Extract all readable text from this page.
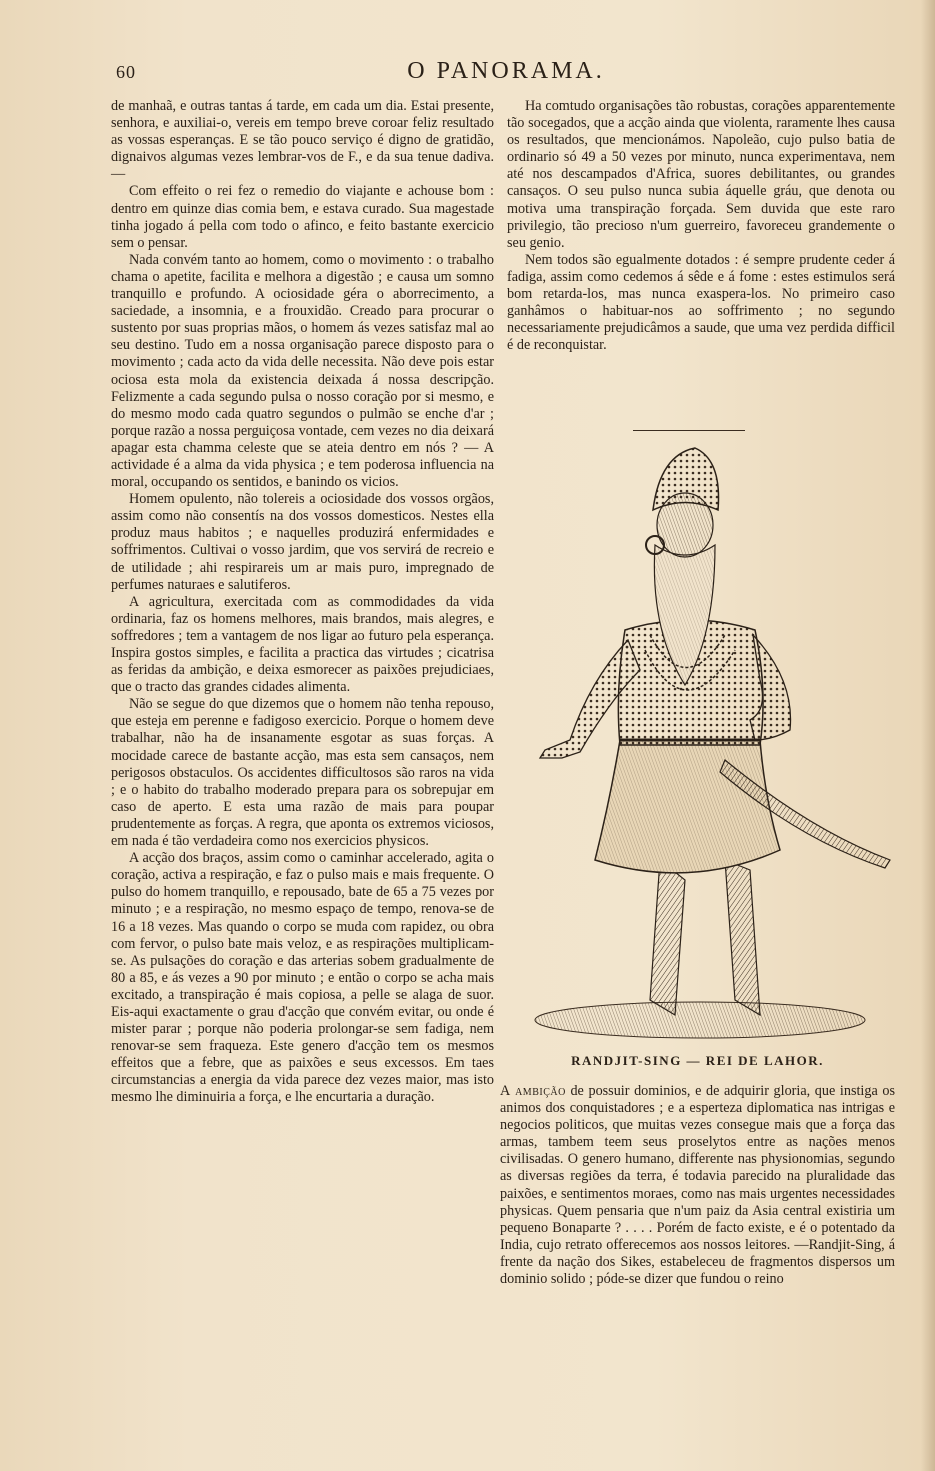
60	O PANORAMA.

de manhaã, e outras tantas á tarde, em cada um dia. Estai presente, senhora, e auxiliai-o, vereis em tempo breve coroar feliz resultado as vossas esperanças. E se tão pouco serviço é digno de gratidão, dignaivos algumas vezes lembrar-vos de F., e da sua tenue dadiva. —

Com effeito o rei fez o remedio do viajante e achouse bom : dentro em quinze dias comia bem, e estava curado. Sua magestade tinha jogado á pella com todo o afinco, e feito bastante exercicio sem o pensar.

Nada convém tanto ao homem, como o movimento : o trabalho chama o apetite, facilita e melhora a digestão ; e causa um somno tranquillo e profundo. A ociosidade géra o aborrecimento, a saciedade, a insomnia, e a frouxidão. Creado para procurar o sustento por suas proprias mãos, o homem ás vezes satisfaz mal ao seu destino. Tudo em a nossa organisação parece disposto para o movimento ; cada acto da vida delle necessita. Não deve pois estar ociosa esta mola da existencia deixada á nossa descripção. Felizmente a cada segundo pulsa o nosso coração por si mesmo, e do mesmo modo cada quatro segundos o pulmão se enche d'ar ; porque razão a nossa perguiçosa vontade, cem vezes no dia deixará apagar esta chamma celeste que se ateia dentro em nós ? — A actividade é a alma da vida physica ; e tem poderosa influencia na moral, occupando os sentidos, e banindo os vicios.

Homem opulento, não tolereis a ociosidade dos vossos orgãos, assim como não consentís na dos vossos domesticos. Nestes ella produz maus habitos ; e naquelles produzirá enfermidades e soffrimentos. Cultivai o vosso jardim, que vos servirá de recreio e de utilidade ; ahi respirareis um ar mais puro, impregnado de perfumes naturaes e salutiferos.

A agricultura, exercitada com as commodidades da vida ordinaria, faz os homens melhores, mais brandos, mais alegres, e soffredores ; tem a vantagem de nos ligar ao futuro pela esperança. Inspira gostos simples, e facilita a practica das virtudes ; cicatrisa as feridas da ambição, e deixa esmorecer as paixões prejudiciaes, que o tracto das grandes cidades alimenta.

Não se segue do que dizemos que o homem não tenha repouso, que esteja em perenne e fadigoso exercicio. Porque o homem deve trabalhar, não ha de insanamente esgotar as suas forças. A mocidade carece de bastante acção, mas esta sem cansaços, nem perigosos obstaculos. Os accidentes difficultosos são raros na vida ; e o habito do trabalho moderado prepara para os sobrepujar em caso de aperto. E esta uma razão de mais para poupar prudentemente as forças. A regra, que aponta os extremos viciosos, em nada é tão verdadeira como nos exercicios physicos.

A acção dos braços, assim como o caminhar accelerado, agita o coração, activa a respiração, e faz o pulso mais e mais frequente. O pulso do homem tranquillo, e repousado, bate de 65 a 75 vezes por minuto ; e a respiração, no mesmo espaço de tempo, renova-se de 16 a 18 vezes. Mas quando o corpo se muda com rapidez, ou obra com fervor, o pulso bate mais veloz, e as respirações multiplicam-se. As pulsações do coração e das arterias sobem gradualmente de 80 a 85, e ás vezes a 90 por minuto ; e então o corpo se acha mais excitado, a transpiração é mais copiosa, a pelle se alaga de suor. Eis-aqui exactamente o grau d'acção que convém evitar, ou onde é mister parar ; porque não poderia prolongar-se sem fadiga, nem renovar-se sem fraqueza. Este genero d'acção tem os mesmos effeitos que a febre, que as paixões e seus excessos. Em taes circumstancias a energia da vida parece dez vezes maior, mas isto mesmo lhe diminuiria a força, e lhe encurtaria a duração.

Ha comtudo organisações tão robustas, corações apparentemente tão socegados, que a acção ainda que violenta, raramente lhes causa os resultados, que mencionámos. Napoleão, cujo pulso batia de ordinario só 49 a 50 vezes por minuto, nunca experimentava, nem até nos descampados d'Africa, suores debilitantes, ou grandes cansaços. O seu pulso nunca subia áquelle gráu, que denota ou motiva uma transpiração forçada. Sem duvida que este raro privilegio, tão precioso n'um guerreiro, favoreceu grandemente o seu genio.

Nem todos são egualmente dotados : é sempre prudente ceder á fadiga, assim como cedemos á sêde e á fome : estes estimulos será bom retarda-los, mas nunca exaspera-los. No primeiro caso ganhâmos o habituar-nos ao soffrimento ; no segundo necessariamente prejudicâmos a saude, que uma vez perdida difficil é de reconquistar.

RANDJIT-SING — REI DE LAHOR.

A ambição de possuir dominios, e de adquirir gloria, que instiga os animos dos conquistadores ; e a esperteza diplomatica nas intrigas e negocios politicos, que muitas vezes consegue mais que a força das armas, tambem teem seus proselytos entre as nações menos civilisadas. O genero humano, differente nas physionomias, segundo as diversas regiões da terra, é todavia parecido na pluralidade das paixões, e sentimentos moraes, como nas mais urgentes necessidades physicas. Quem pensaria que n'um paiz da Asia central existiria um pequeno Bonaparte ? . . . . Porém de facto existe, e é o potentado da India, cujo retrato offerecemos aos nossos leitores. —Randjit-Sing, á frente da nação dos Sikes, estabeleceu de fragmentos dispersos um dominio solido ; póde-se dizer que fundou o reino
